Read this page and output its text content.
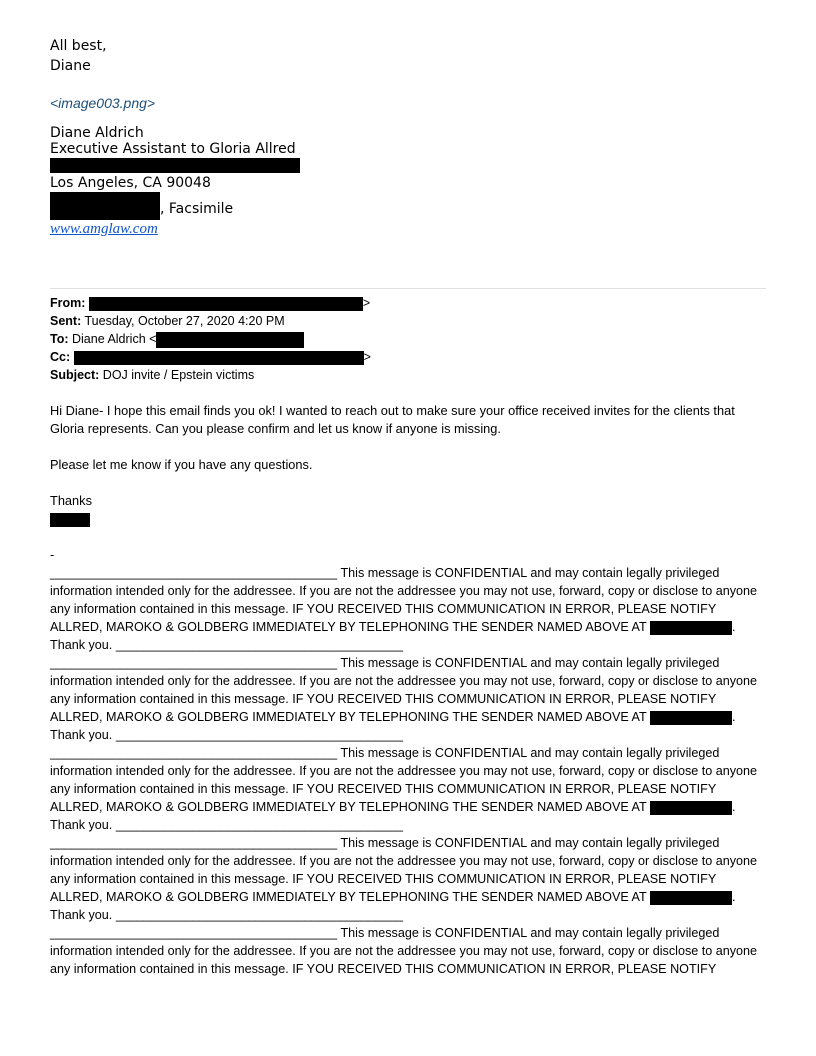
All best,
Diane
<image003.png>
Diane Aldrich
Executive Assistant to Gloria Allred
Los Angeles, CA 90048
, Facsimile
www.amglaw.com
From:	>
Sent: Tuesday, October 27, 2020 4:20 PM
To: Diane Aldrich <
Cc:	>
Subject: DOJ invite / Epstein victims
Hi Diane- I hope this email finds you ok! I wanted to reach out to make sure your office received invites for the clients that Gloria represents. Can you please confirm and let us know if anyone is missing.
Please let me know if you have any questions.
Thanks
-
_________________________________________ This message is CONFIDENTIAL and may contain legally privileged information intended only for the addressee. If you are not the addressee you may not use, forward, copy or disclose to anyone any information contained in this message. IF YOU RECEIVED THIS COMMUNICATION IN ERROR, PLEASE NOTIFY ALLRED, MAROKO & GOLDBERG IMMEDIATELY BY TELEPHONING THE SENDER NAMED ABOVE AT	. Thank you. _________________________________________
_________________________________________ This message is CONFIDENTIAL and may contain legally privileged information intended only for the addressee. If you are not the addressee you may not use, forward, copy or disclose to anyone any information contained in this message. IF YOU RECEIVED THIS COMMUNICATION IN ERROR, PLEASE NOTIFY ALLRED, MAROKO & GOLDBERG IMMEDIATELY BY TELEPHONING THE SENDER NAMED ABOVE AT	. Thank you. _________________________________________
_________________________________________ This message is CONFIDENTIAL and may contain legally privileged information intended only for the addressee. If you are not the addressee you may not use, forward, copy or disclose to anyone any information contained in this message. IF YOU RECEIVED THIS COMMUNICATION IN ERROR, PLEASE NOTIFY ALLRED, MAROKO & GOLDBERG IMMEDIATELY BY TELEPHONING THE SENDER NAMED ABOVE AT	. Thank you. _________________________________________
_________________________________________ This message is CONFIDENTIAL and may contain legally privileged information intended only for the addressee. If you are not the addressee you may not use, forward, copy or disclose to anyone any information contained in this message. IF YOU RECEIVED THIS COMMUNICATION IN ERROR, PLEASE NOTIFY ALLRED, MAROKO & GOLDBERG IMMEDIATELY BY TELEPHONING THE SENDER NAMED ABOVE AT	. Thank you. _________________________________________
_________________________________________ This message is CONFIDENTIAL and may contain legally privileged information intended only for the addressee. If you are not the addressee you may not use, forward, copy or disclose to anyone any information contained in this message. IF YOU RECEIVED THIS COMMUNICATION IN ERROR, PLEASE NOTIFY
